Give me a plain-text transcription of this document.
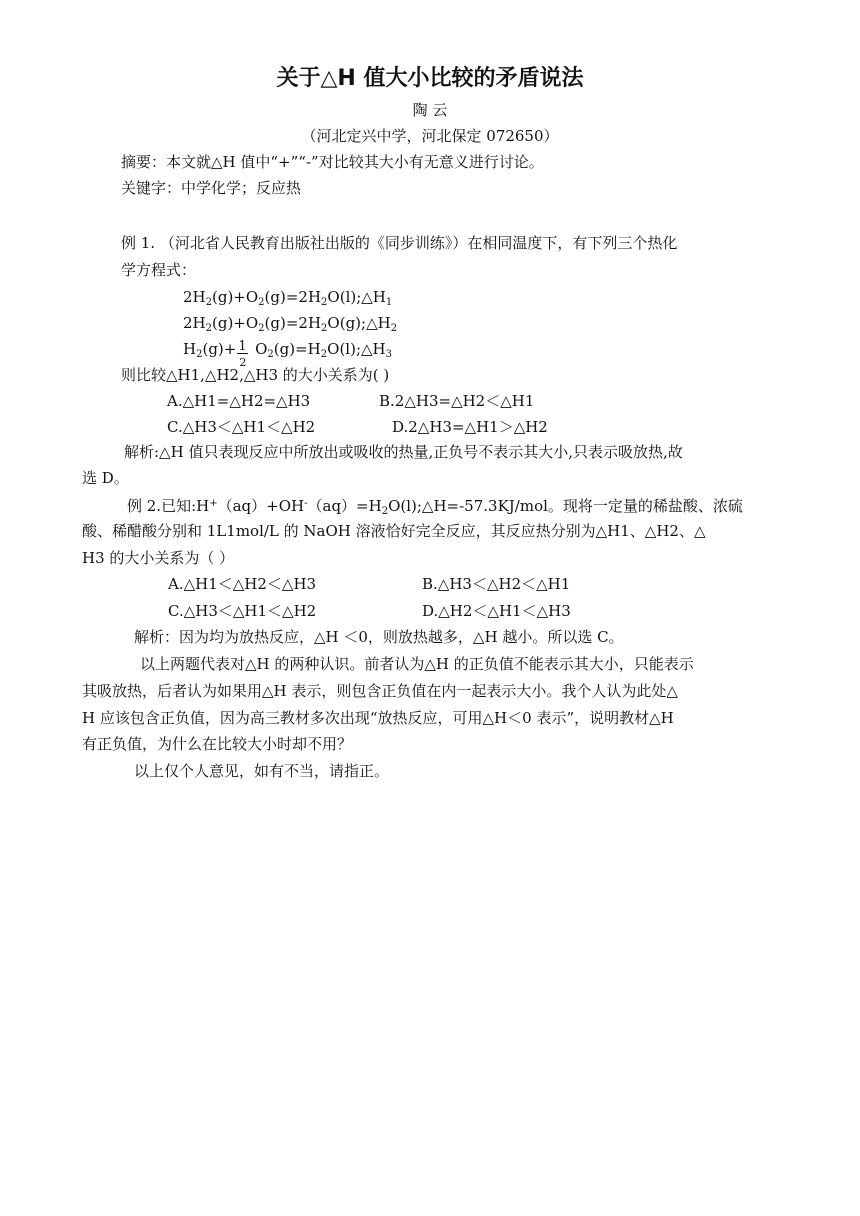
关于△H 值大小比较的矛盾说法
陶 云
（河北定兴中学，河北保定 072650）
摘要：本文就△H 值中“+”“-”对比较其大小有无意义进行讨论。
关键字：中学化学；反应热
例 1. （河北省人民教育出版社出版的《同步训练》）在相同温度下，有下列三个热化
学方程式：
$2H_2(g)+O_2(g)=2H_2O(l);\triangle H_1$
$2H_2(g)+O_2(g)=2H_2O(g);\triangle H_2$
$H_2(g)+ \frac{1}{2}$ $O_2(g)=H_2O(l);\triangle H_3$
则比较△H1,△H2,△H3 的大小关系为( )
A.△H1=△H2=△H3	B.2△H3=△H2＜△H1
C.△H3＜△H1＜△H2	D.2△H3=△H1＞△H2
解析:△H 值只表现反应中所放出或吸收的热量,正负号不表示其大小,只表示吸放热,故
选 D。
例 2.已知$:H^+(aq)+OH^-(aq)=H_2O(l);\triangle H=-57.3KJ$/mol。现将一定量的稀盐酸、浓硫
酸、稀醋酸分别和 1L1mol/L 的 NaOH 溶液恰好完全反应，其反应热分别为△H1、△H2、△
H3 的大小关系为（ ）
A.△H1＜△H2＜△H3	B.△H3＜△H2＜△H1
C.△H3＜△H1＜△H2	D.△H2＜△H1＜△H3
解析：因为均为放热反应，△H ＜0，则放热越多，△H 越小。所以选 C。
以上两题代表对△H 的两种认识。前者认为△H 的正负值不能表示其大小，只能表示
其吸放热，后者认为如果用△H 表示，则包含正负值在内一起表示大小。我个人认为此处△
H 应该包含正负值，因为高三教材多次出现“放热反应，可用△H＜0 表示”，说明教材△H
有正负值，为什么在比较大小时却不用？
以上仅个人意见，如有不当，请指正。
